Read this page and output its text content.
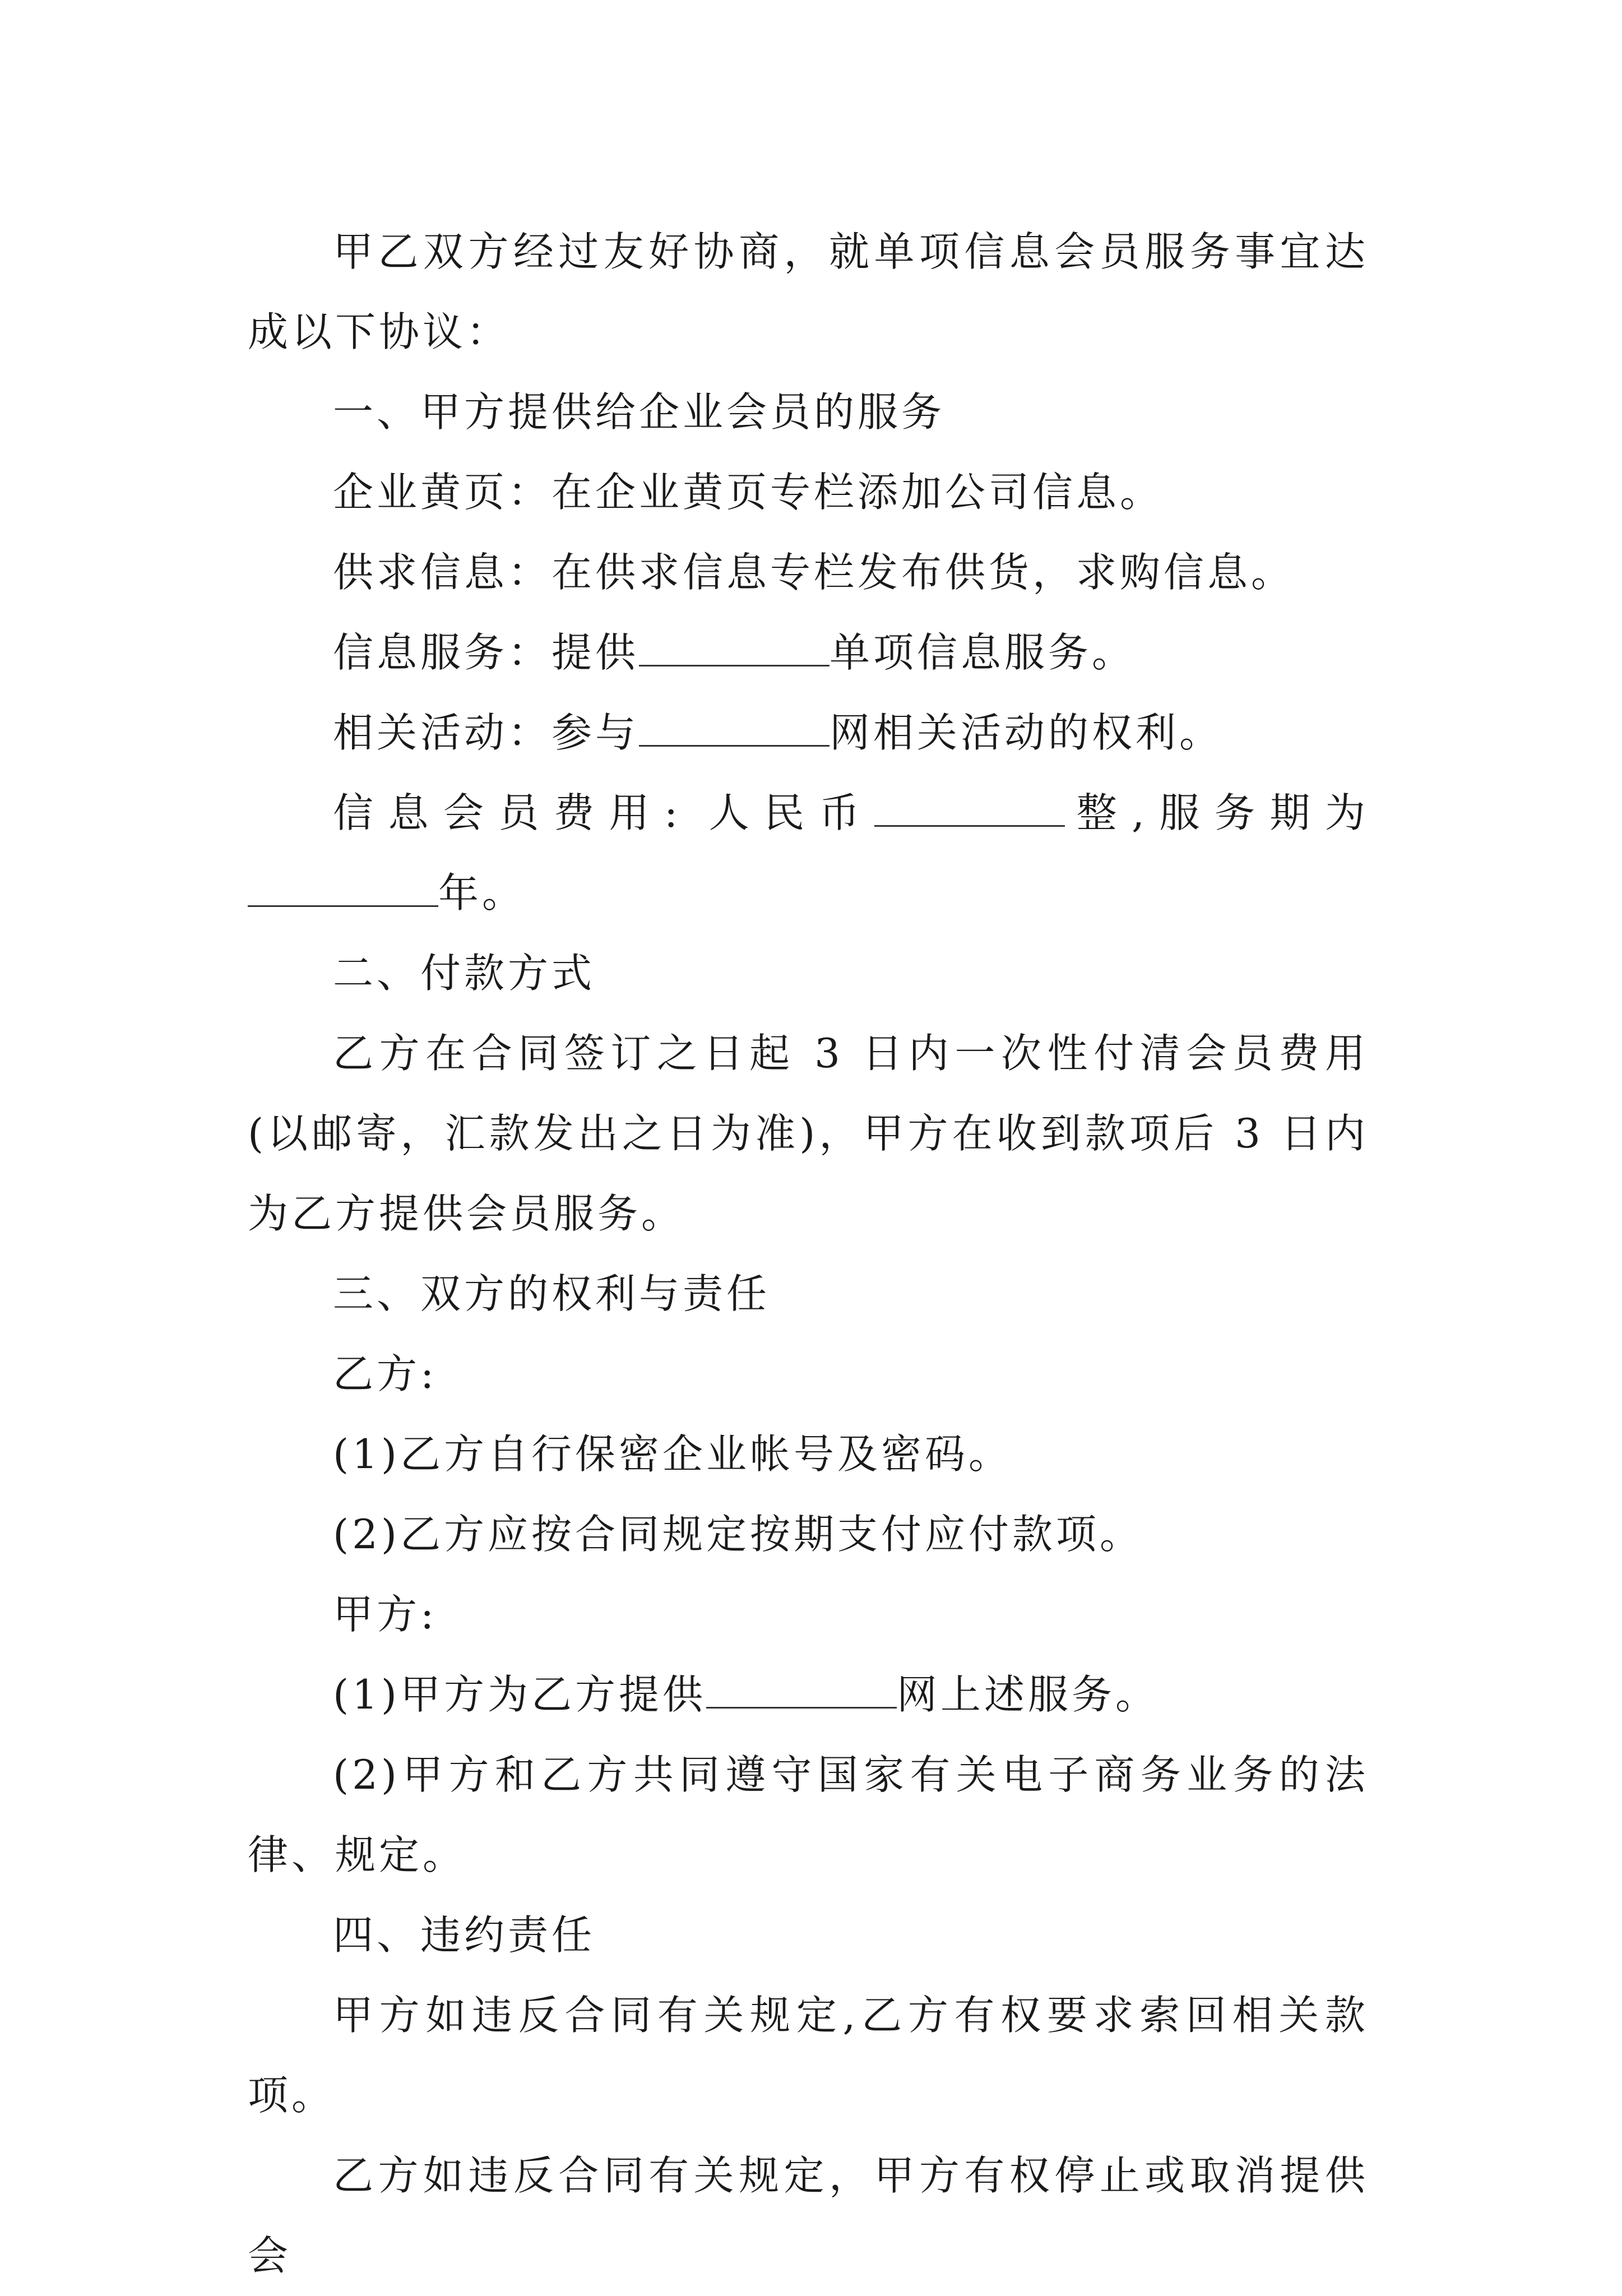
甲乙双方经过友好协商，就单项信息会员服务事宜达成以下协议：

一、甲方提供给企业会员的服务

企业黄页：在企业黄页专栏添加公司信息。

供求信息：在供求信息专栏发布供货，求购信息。

信息服务：提供	单项信息服务。

相关活动：参与	网相关活动的权利。

信息会员费用: 人民币	整,服务期为年。

二、付款方式

乙方在合同签订之日起 3 日内一次性付清会员费用(以邮寄，汇款发出之日为准)，甲方在收到款项后 3 日内为乙方提供会员服务。

三、双方的权利与责任

乙方:

(1)乙方自行保密企业帐号及密码。

(2)乙方应按合同规定按期支付应付款项。

甲方:

(1)甲方为乙方提供	网上述服务。

(2)甲方和乙方共同遵守国家有关电子商务业务的法律、规定。

四、违约责任

甲方如违反合同有关规定,乙方有权要求索回相关款项。

乙方如违反合同有关规定，甲方有权停止或取消提供会
